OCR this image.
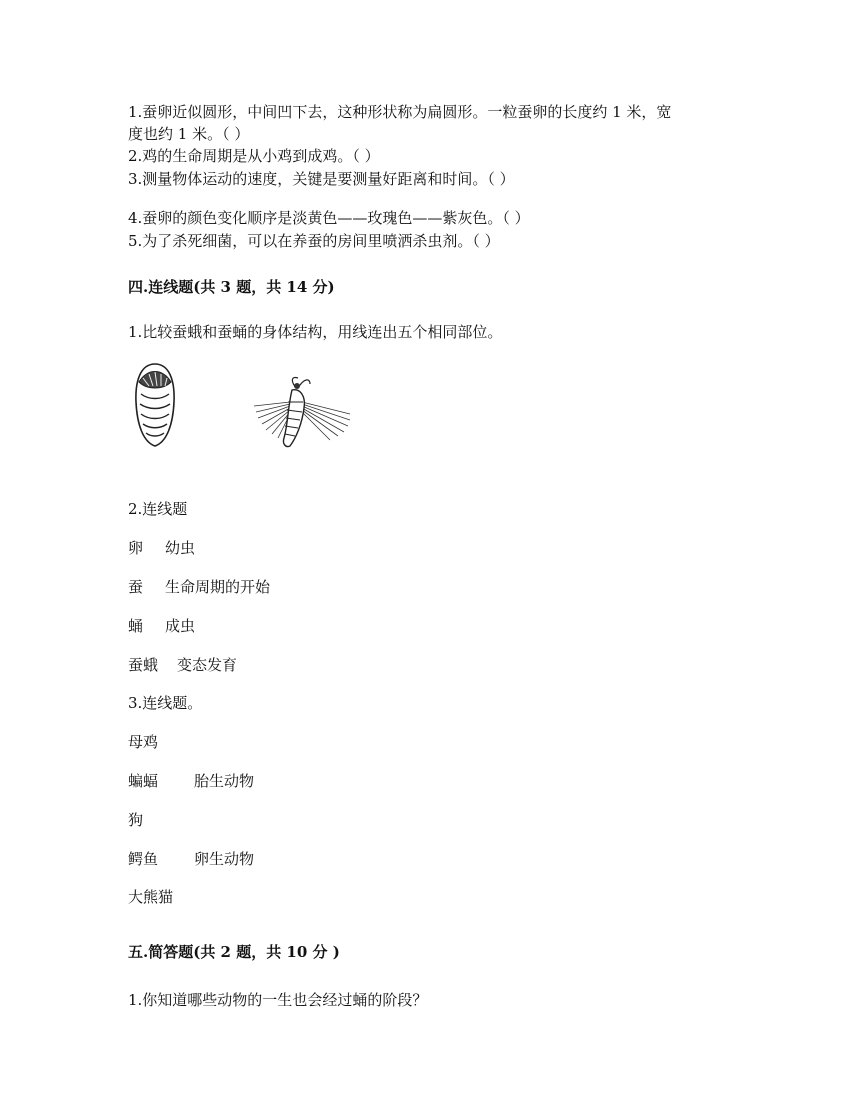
1.蚕卵近似圆形，中间凹下去，这种形状称为扁圆形。一粒蚕卵的长度约 1 米，宽
度也约 1 米。（ ）
2.鸡的生命周期是从小鸡到成鸡。（ ）
3.测量物体运动的速度，关键是要测量好距离和时间。（ ）
4.蚕卵的颜色变化顺序是淡黄色——玫瑰色——紫灰色。（ ）
5.为了杀死细菌，可以在养蚕的房间里喷洒杀虫剂。（ ）
四.连线题(共 3 题，共 14 分)
1.比较蚕蛾和蚕蛹的身体结构，用线连出五个相同部位。
2.连线题
卵 幼虫
蚕 生命周期的开始
蛹 成虫
蚕蛾 变态发育
3.连线题。
母鸡
蝙蝠 胎生动物
狗
鳄鱼 卵生动物
大熊猫
五.简答题(共 2 题，共 10 分 )
1.你知道哪些动物的一生也会经过蛹的阶段？
